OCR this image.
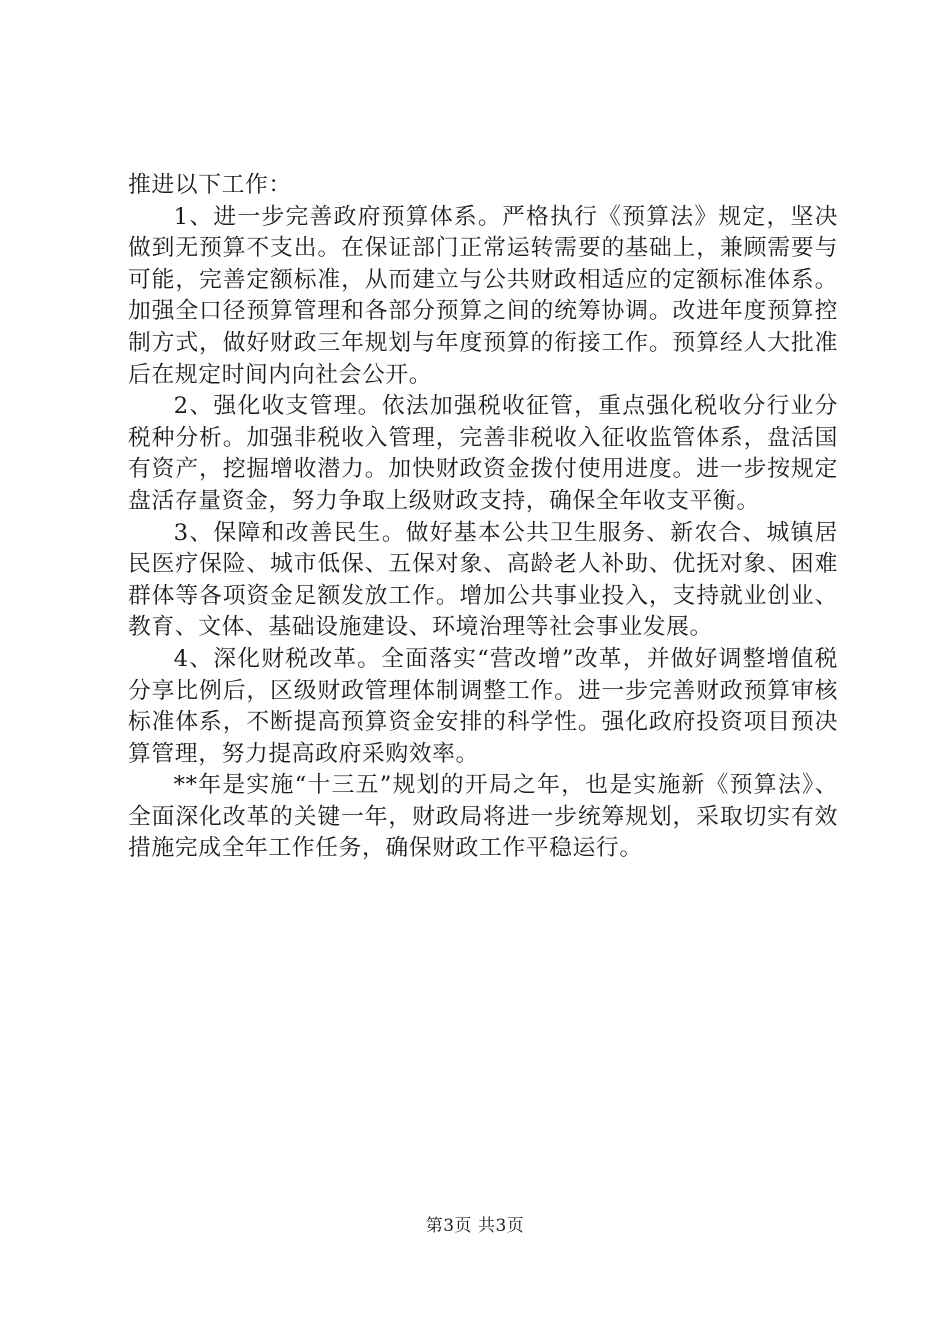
推进以下工作：

1、进一步完善政府预算体系。严格执行《预算法》规定，坚决做到无预算不支出。在保证部门正常运转需要的基础上，兼顾需要与可能，完善定额标准，从而建立与公共财政相适应的定额标准体系。加强全口径预算管理和各部分预算之间的统筹协调。改进年度预算控制方式，做好财政三年规划与年度预算的衔接工作。预算经人大批准后在规定时间内向社会公开。

2、强化收支管理。依法加强税收征管，重点强化税收分行业分税种分析。加强非税收入管理，完善非税收入征收监管体系，盘活国有资产，挖掘增收潜力。加快财政资金拨付使用进度。进一步按规定盘活存量资金，努力争取上级财政支持，确保全年收支平衡。

3、保障和改善民生。做好基本公共卫生服务、新农合、城镇居民医疗保险、城市低保、五保对象、高龄老人补助、优抚对象、困难群体等各项资金足额发放工作。增加公共事业投入，支持就业创业、教育、文体、基础设施建设、环境治理等社会事业发展。

4、深化财税改革。全面落实“营改增”改革，并做好调整增值税分享比例后，区级财政管理体制调整工作。进一步完善财政预算审核标准体系，不断提高预算资金安排的科学性。强化政府投资项目预决算管理，努力提高政府采购效率。

**年是实施“十三五”规划的开局之年，也是实施新《预算法》、全面深化改革的关键一年，财政局将进一步统筹规划，采取切实有效措施完成全年工作任务，确保财政工作平稳运行。

第3页 共3页
